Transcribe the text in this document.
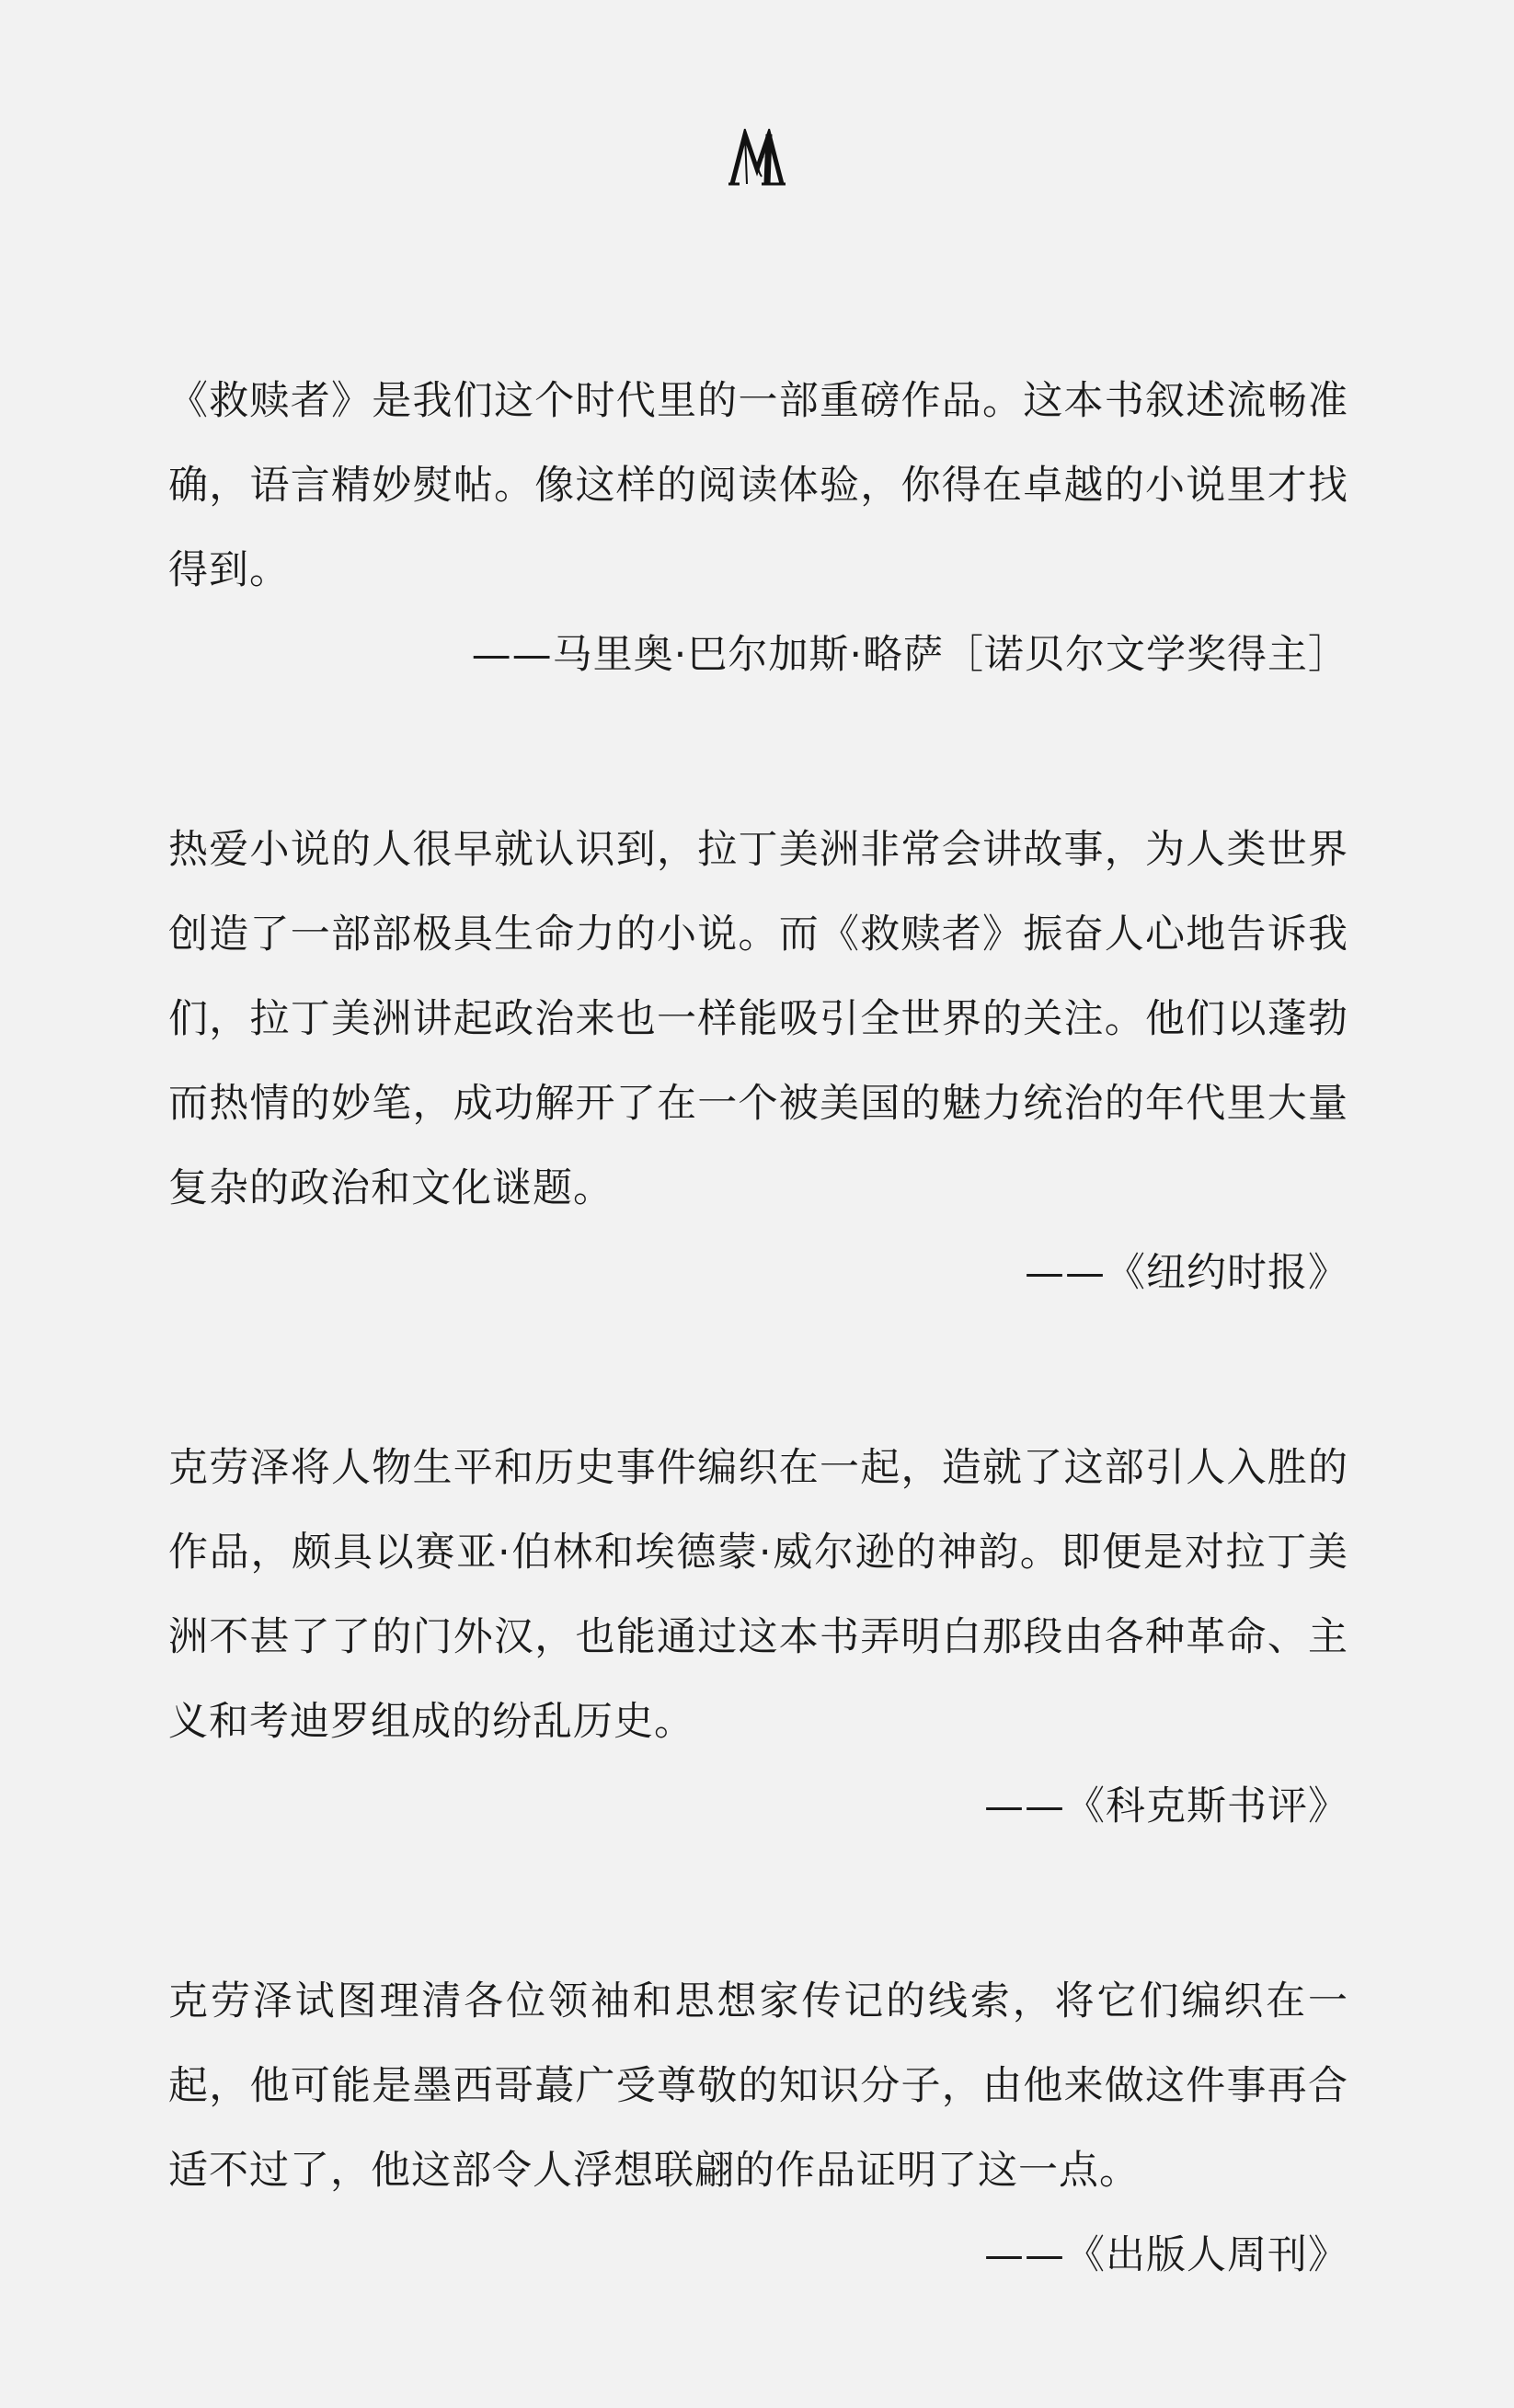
《救赎者》是我们这个时代里的一部重磅作品。这本书叙述流畅准确，语言精妙熨帖。像这样的阅读体验，你得在卓越的小说里才找得到。

——马里奥·巴尔加斯·略萨［诺贝尔文学奖得主］

热爱小说的人很早就认识到，拉丁美洲非常会讲故事，为人类世界创造了一部部极具生命力的小说。而《救赎者》振奋人心地告诉我们，拉丁美洲讲起政治来也一样能吸引全世界的关注。他们以蓬勃而热情的妙笔，成功解开了在一个被美国的魅力统治的年代里大量复杂的政治和文化谜题。

——《纽约时报》

克劳泽将人物生平和历史事件编织在一起，造就了这部引人入胜的作品，颇具以赛亚·伯林和埃德蒙·威尔逊的神韵。即便是对拉丁美洲不甚了了的门外汉，也能通过这本书弄明白那段由各种革命、主义和考迪罗组成的纷乱历史。

——《科克斯书评》

克劳泽试图理清各位领袖和思想家传记的线索，将它们编织在一起，他可能是墨西哥蕞广受尊敬的知识分子，由他来做这件事再合适不过了，他这部令人浮想联翩的作品证明了这一点。

——《出版人周刊》
